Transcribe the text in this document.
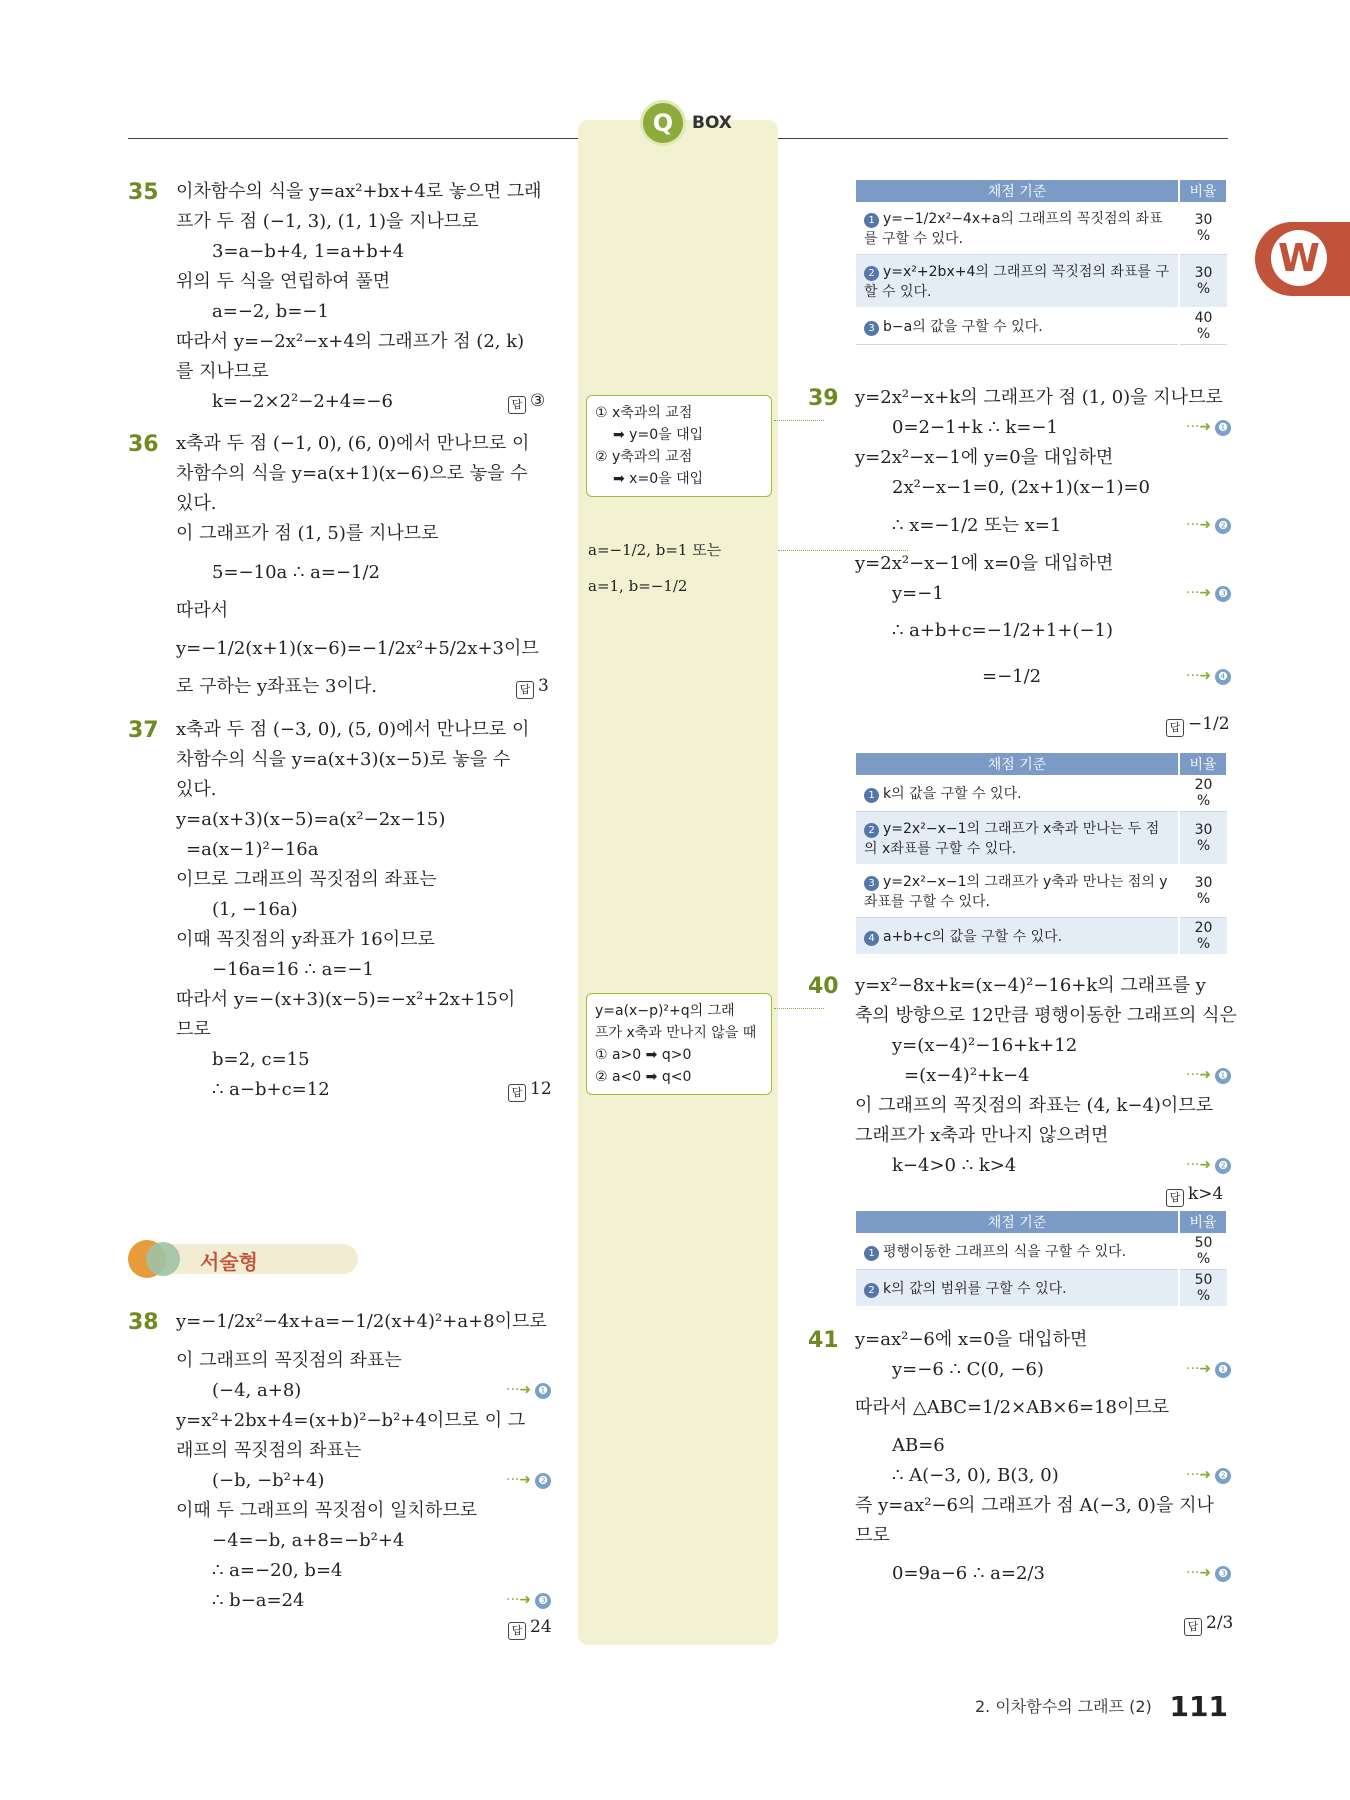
Q	BOX
W
35 이차함수의 식을 y=ax²+bx+4로 놓으면 그래
프가 두 점 (−1, 3), (1, 1)을 지나므로
3=a−b+4, 1=a+b+4
위의 두 식을 연립하여 풀면
a=−2, b=−1
따라서 y=−2x²−x+4의 그래프가 점 (2, k)
를 지나므로
k=−2×2²−2+4=−6	답 ③
36 x축과 두 점 (−1, 0), (6, 0)에서 만나므로 이
차함수의 식을 y=a(x+1)(x−6)으로 놓을 수
있다.
이 그래프가 점 (1, 5)를 지나므로
5=−10a ∴ a=−1/2
따라서
y=−1/2(x+1)(x−6)=−1/2x²+5/2x+3이므
로 구하는 y좌표는 3이다.	답 3
37 x축과 두 점 (−3, 0), (5, 0)에서 만나므로 이
차함수의 식을 y=a(x+3)(x−5)로 놓을 수
있다.
y=a(x+3)(x−5)=a(x²−2x−15)
=a(x−1)²−16a
이므로 그래프의 꼭짓점의 좌표는
(1, −16a)
이때 꼭짓점의 y좌표가 16이므로
−16a=16 ∴ a=−1
따라서 y=−(x+3)(x−5)=−x²+2x+15이
므로
b=2, c=15
∴ a−b+c=12	답 12
서술형
38 y=−1/2x²−4x+a=−1/2(x+4)²+a+8이므로
이 그래프의 꼭짓점의 좌표는
(−4, a+8)	···➜ ❶
y=x²+2bx+4=(x+b)²−b²+4이므로 이 그
래프의 꼭짓점의 좌표는
(−b, −b²+4)	···➜ ❷
이때 두 그래프의 꼭짓점이 일치하므로
−4=−b, a+8=−b²+4
∴ a=−20, b=4
∴ b−a=24	···➜ ❸
답 24
① x축과의 교점
➡ y=0을 대입
② y축과의 교점
➡ x=0을 대입
a=−1/2, b=1 또는
a=1, b=−1/2
y=a(x−p)²+q의 그래
프가 x축과 만나지 않을 때
① a>0 ➡ q>0
② a<0 ➡ q<0
채점 기준	비율
1 y=−1/2x²−4x+a의 그래프의 꼭짓점의 좌표를 구할 수 있다.	30 %
2 y=x²+2bx+4의 그래프의 꼭짓점의 좌표를 구할 수 있다.	30 %
3 b−a의 값을 구할 수 있다.	40 %
39 y=2x²−x+k의 그래프가 점 (1, 0)을 지나므로
0=2−1+k ∴ k=−1	···➜ ❶
y=2x²−x−1에 y=0을 대입하면
2x²−x−1=0, (2x+1)(x−1)=0
∴ x=−1/2 또는 x=1	···➜ ❷
y=2x²−x−1에 x=0을 대입하면
y=−1	···➜ ❸
∴ a+b+c=−1/2+1+(−1)
=−1/2	···➜ ❹
답 −1/2
채점 기준	비율
1 k의 값을 구할 수 있다.	20 %
2 y=2x²−x−1의 그래프가 x축과 만나는 두 점의 x좌표를 구할 수 있다.	30 %
3 y=2x²−x−1의 그래프가 y축과 만나는 점의 y좌표를 구할 수 있다.	30 %
4 a+b+c의 값을 구할 수 있다.	20 %
40 y=x²−8x+k=(x−4)²−16+k의 그래프를 y
축의 방향으로 12만큼 평행이동한 그래프의 식은
y=(x−4)²−16+k+12
=(x−4)²+k−4	···➜ ❶
이 그래프의 꼭짓점의 좌표는 (4, k−4)이므로
그래프가 x축과 만나지 않으려면
k−4>0 ∴ k>4	···➜ ❷
답 k>4
채점 기준	비율
1 평행이동한 그래프의 식을 구할 수 있다.	50 %
2 k의 값의 범위를 구할 수 있다.	50 %
41 y=ax²−6에 x=0을 대입하면
y=−6 ∴ C(0, −6)	···➜ ❶
따라서 △ABC=1/2×AB×6=18이므로
AB=6
∴ A(−3, 0), B(3, 0)	···➜ ❷
즉 y=ax²−6의 그래프가 점 A(−3, 0)을 지나
므로
0=9a−6 ∴ a=2/3	···➜ ❸
답 2/3
2. 이차함수의 그래프 (2) 111
